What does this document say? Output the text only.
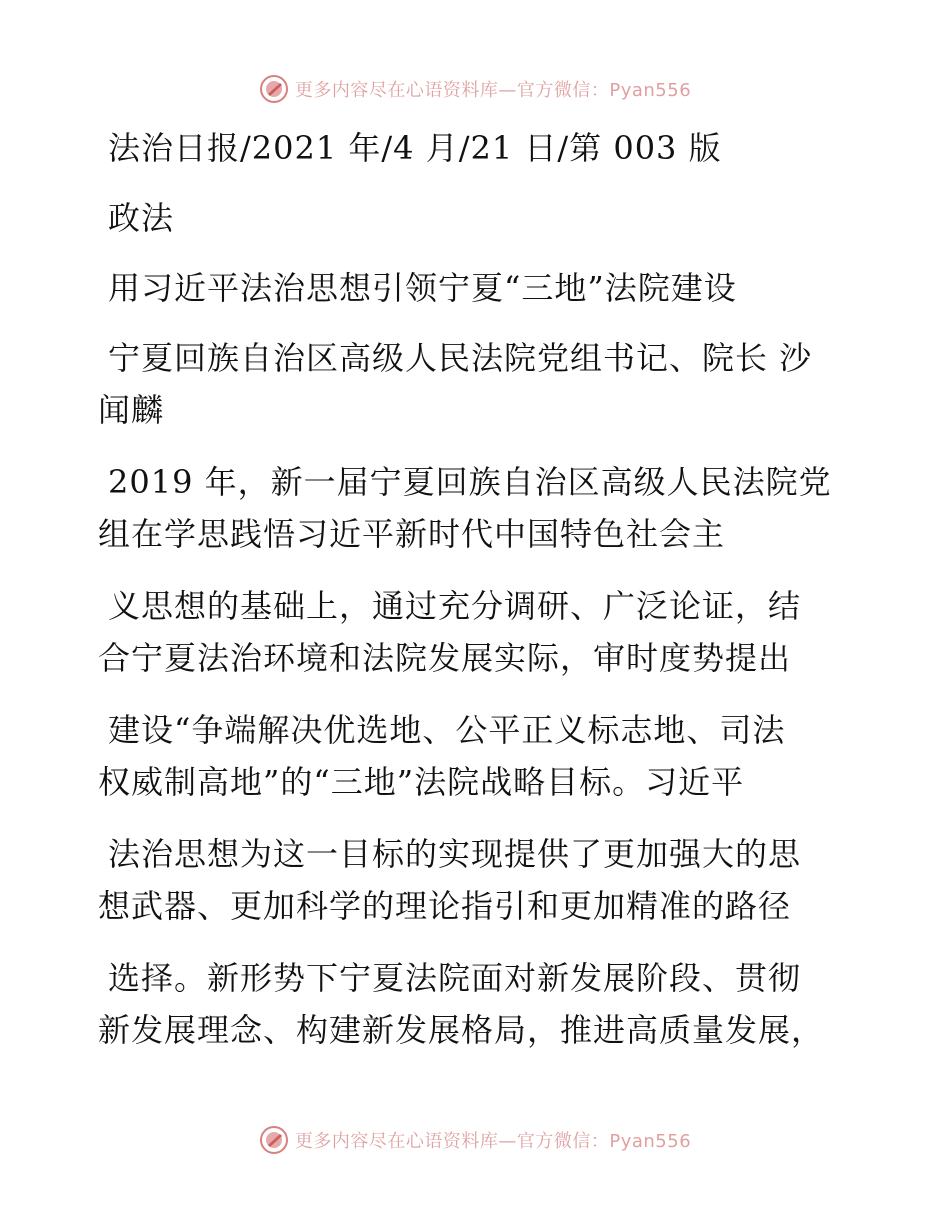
更多内容尽在心语资料库—官方微信：Pyan556
法治日报/2021 年/4 月/21 日/第 003 版
政法
用习近平法治思想引领宁夏“三地”法院建设
宁夏回族自治区高级人民法院党组书记、院长 沙
闻麟
2019 年，新一届宁夏回族自治区高级人民法院党
组在学思践悟习近平新时代中国特色社会主
义思想的基础上，通过充分调研、广泛论证，结
合宁夏法治环境和法院发展实际，审时度势提出
建设“争端解决优选地、公平正义标志地、司法
权威制高地”的“三地”法院战略目标。习近平
法治思想为这一目标的实现提供了更加强大的思
想武器、更加科学的理论指引和更加精准的路径
选择。新形势下宁夏法院面对新发展阶段、贯彻
新发展理念、构建新发展格局，推进高质量发展，
更多内容尽在心语资料库—官方微信：Pyan556
